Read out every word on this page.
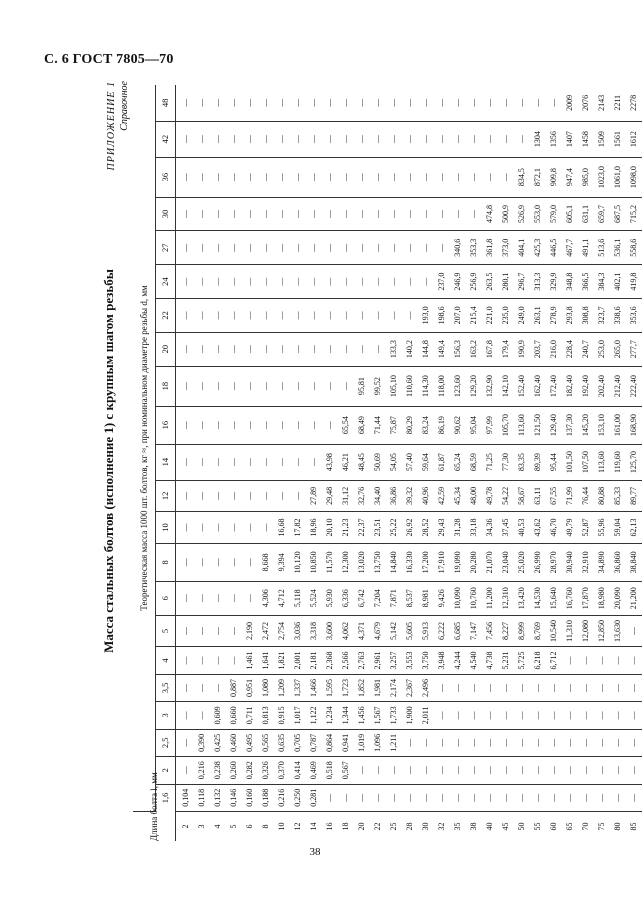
С. 6 ГОСТ 7805—70
Масса стальных болтов (исполнение 1) с крупным шагом резьбы
ПРИЛОЖЕНИЕ 1 Справочное
Длина болта l, мм	Теоретическая масса 1000 шт. болтов, кг ≈, при номинальном диаметре резьбы d, мм																					
	1,6	2	2,5	3	3,5	4	5	6	8	10	12	14	16	18	20	22	24	27	30	36	42	48
2	0,104	—	—	—	—	—	—	—	—	—	—	—	—	—	—	—	—	—	—	—	—	—
3	0,118	0,216	0,390	—	—	—	—	—	—	—	—	—	—	—	—	—	—	—	—	—	—	—
4	0,132	0,238	0,425	0,609	—	—	—	—	—	—	—	—	—	—	—	—	—	—	—	—	—	—
5	0,146	0,260	0,460	0,660	0,887	—	—	—	—	—	—	—	—	—	—	—	—	—	—	—	—	—
6	0,160	0,282	0,495	0,711	0,951	1,461	2,190	—	—	—	—	—	—	—	—	—	—	—	—	—	—	—
8	0,188	0,326	0,565	0,813	1,080	1,641	2,472	4,306	8,668	—	—	—	—	—	—	—	—	—	—	—	—	—
10	0,216	0,370	0,635	0,915	1,209	1,821	2,754	4,712	9,394	16,68	—	—	—	—	—	—	—	—	—	—	—	—
12	0,250	0,414	0,705	1,017	1,337	2,001	3,036	5,118	10,120	17,82	—	—	—	—	—	—	—	—	—	—	—	—
14	0,281	0,469	0,787	1,122	1,466	2,181	3,318	5,524	10,850	18,96	27,89	—	—	—	—	—	—	—	—	—	—	—
16	—	0,518	0,864	1,234	1,595	2,368	3,600	5,930	11,570	20,10	29,48	43,98	—	—	—	—	—	—	—	—	—	—
18	—	0,567	0,941	1,344	1,723	2,566	4,062	6,336	12,300	21,23	31,12	46,21	65,54	—	—	—	—	—	—	—	—	—
20	—	—	1,019	1,456	1,852	2,763	4,371	6,742	13,020	22,37	32,76	48,45	68,49	95,81	—	—	—	—	—	—	—	—
22	—	—	1,096	1,567	1,981	2,961	4,679	7,204	13,750	23,51	34,40	50,69	71,44	99,52	—	—	—	—	—	—	—	—
25	—	—	1,211	1,733	2,174	3,257	5,142	7,871	14,840	25,22	36,86	54,05	75,87	105,10	133,3	—	—	—	—	—	—	—
28	—	—	—	1,900	2,367	3,553	5,605	8,537	16,330	26,92	39,32	57,40	80,29	110,60	140,2	—	—	—	—	—	—	—
30	—	—	—	2,011	2,496	3,750	5,913	8,981	17,200	28,52	40,96	59,64	83,24	114,30	144,8	193,0	—	—	—	—	—	—
32	—	—	—	—	—	3,948	6,222	9,426	17,910	29,43	42,59	61,87	86,19	118,00	149,4	198,6	237,0	—	—	—	—	—
35	—	—	—	—	—	4,244	6,685	10,090	19,090	31,28	45,34	65,24	90,62	123,60	156,3	207,0	246,9	340,6	—	—	—	—
38	—	—	—	—	—	4,540	7,147	10,760	20,280	33,18	48,00	68,59	95,04	129,20	163,2	215,4	256,9	353,3	—	—	—	—
40	—	—	—	—	—	4,738	7,456	11,200	21,070	34,36	49,78	71,25	97,99	132,90	167,8	221,0	263,5	361,8	474,8	—	—	—
45	—	—	—	—	—	5,231	8,227	12,310	23,040	37,45	54,22	77,30	105,70	142,10	179,4	235,0	280,1	373,0	500,9	—	—	—
50	—	—	—	—	—	5,725	8,999	13,420	25,020	40,53	58,67	83,35	113,60	152,40	190,9	249,0	296,7	404,1	526,9	834,5	—	—
55	—	—	—	—	—	6,218	8,769	14,530	26,990	43,62	63,11	89,39	121,50	162,40	203,7	263,1	313,3	425,3	553,0	872,1	1304	—
60	—	—	—	—	—	6,712	10,540	15,640	28,970	46,70	67,55	95,44	129,40	172,40	216,0	278,9	329,9	446,5	579,0	909,8	1356	—
65	—	—	—	—	—	—	11,310	16,760	30,940	49,79	71,99	101,50	137,30	182,40	228,4	293,8	348,8	467,7	605,1	947,4	1407	2009
70	—	—	—	—	—	—	12,080	17,870	32,910	52,87	76,44	107,50	145,20	192,40	240,7	308,8	366,5	491,1	631,1	985,0	1458	2076
75	—	—	—	—	—	—	12,850	18,980	34,890	55,96	80,88	113,60	153,10	202,40	253,0	323,7	384,3	513,6	659,7	1023,0	1509	2143
80	—	—	—	—	—	—	13,630	20,090	36,860	59,04	85,33	119,60	161,00	212,40	265,0	338,6	402,1	536,1	687,5	1061,0	1561	2211
85	—	—	—	—	—	—	—	21,200	38,840	62,13	89,77	125,70	168,90	222,40	277,7	353,6	419,8	558,6	715,2	1098,0	1612	2278
38
